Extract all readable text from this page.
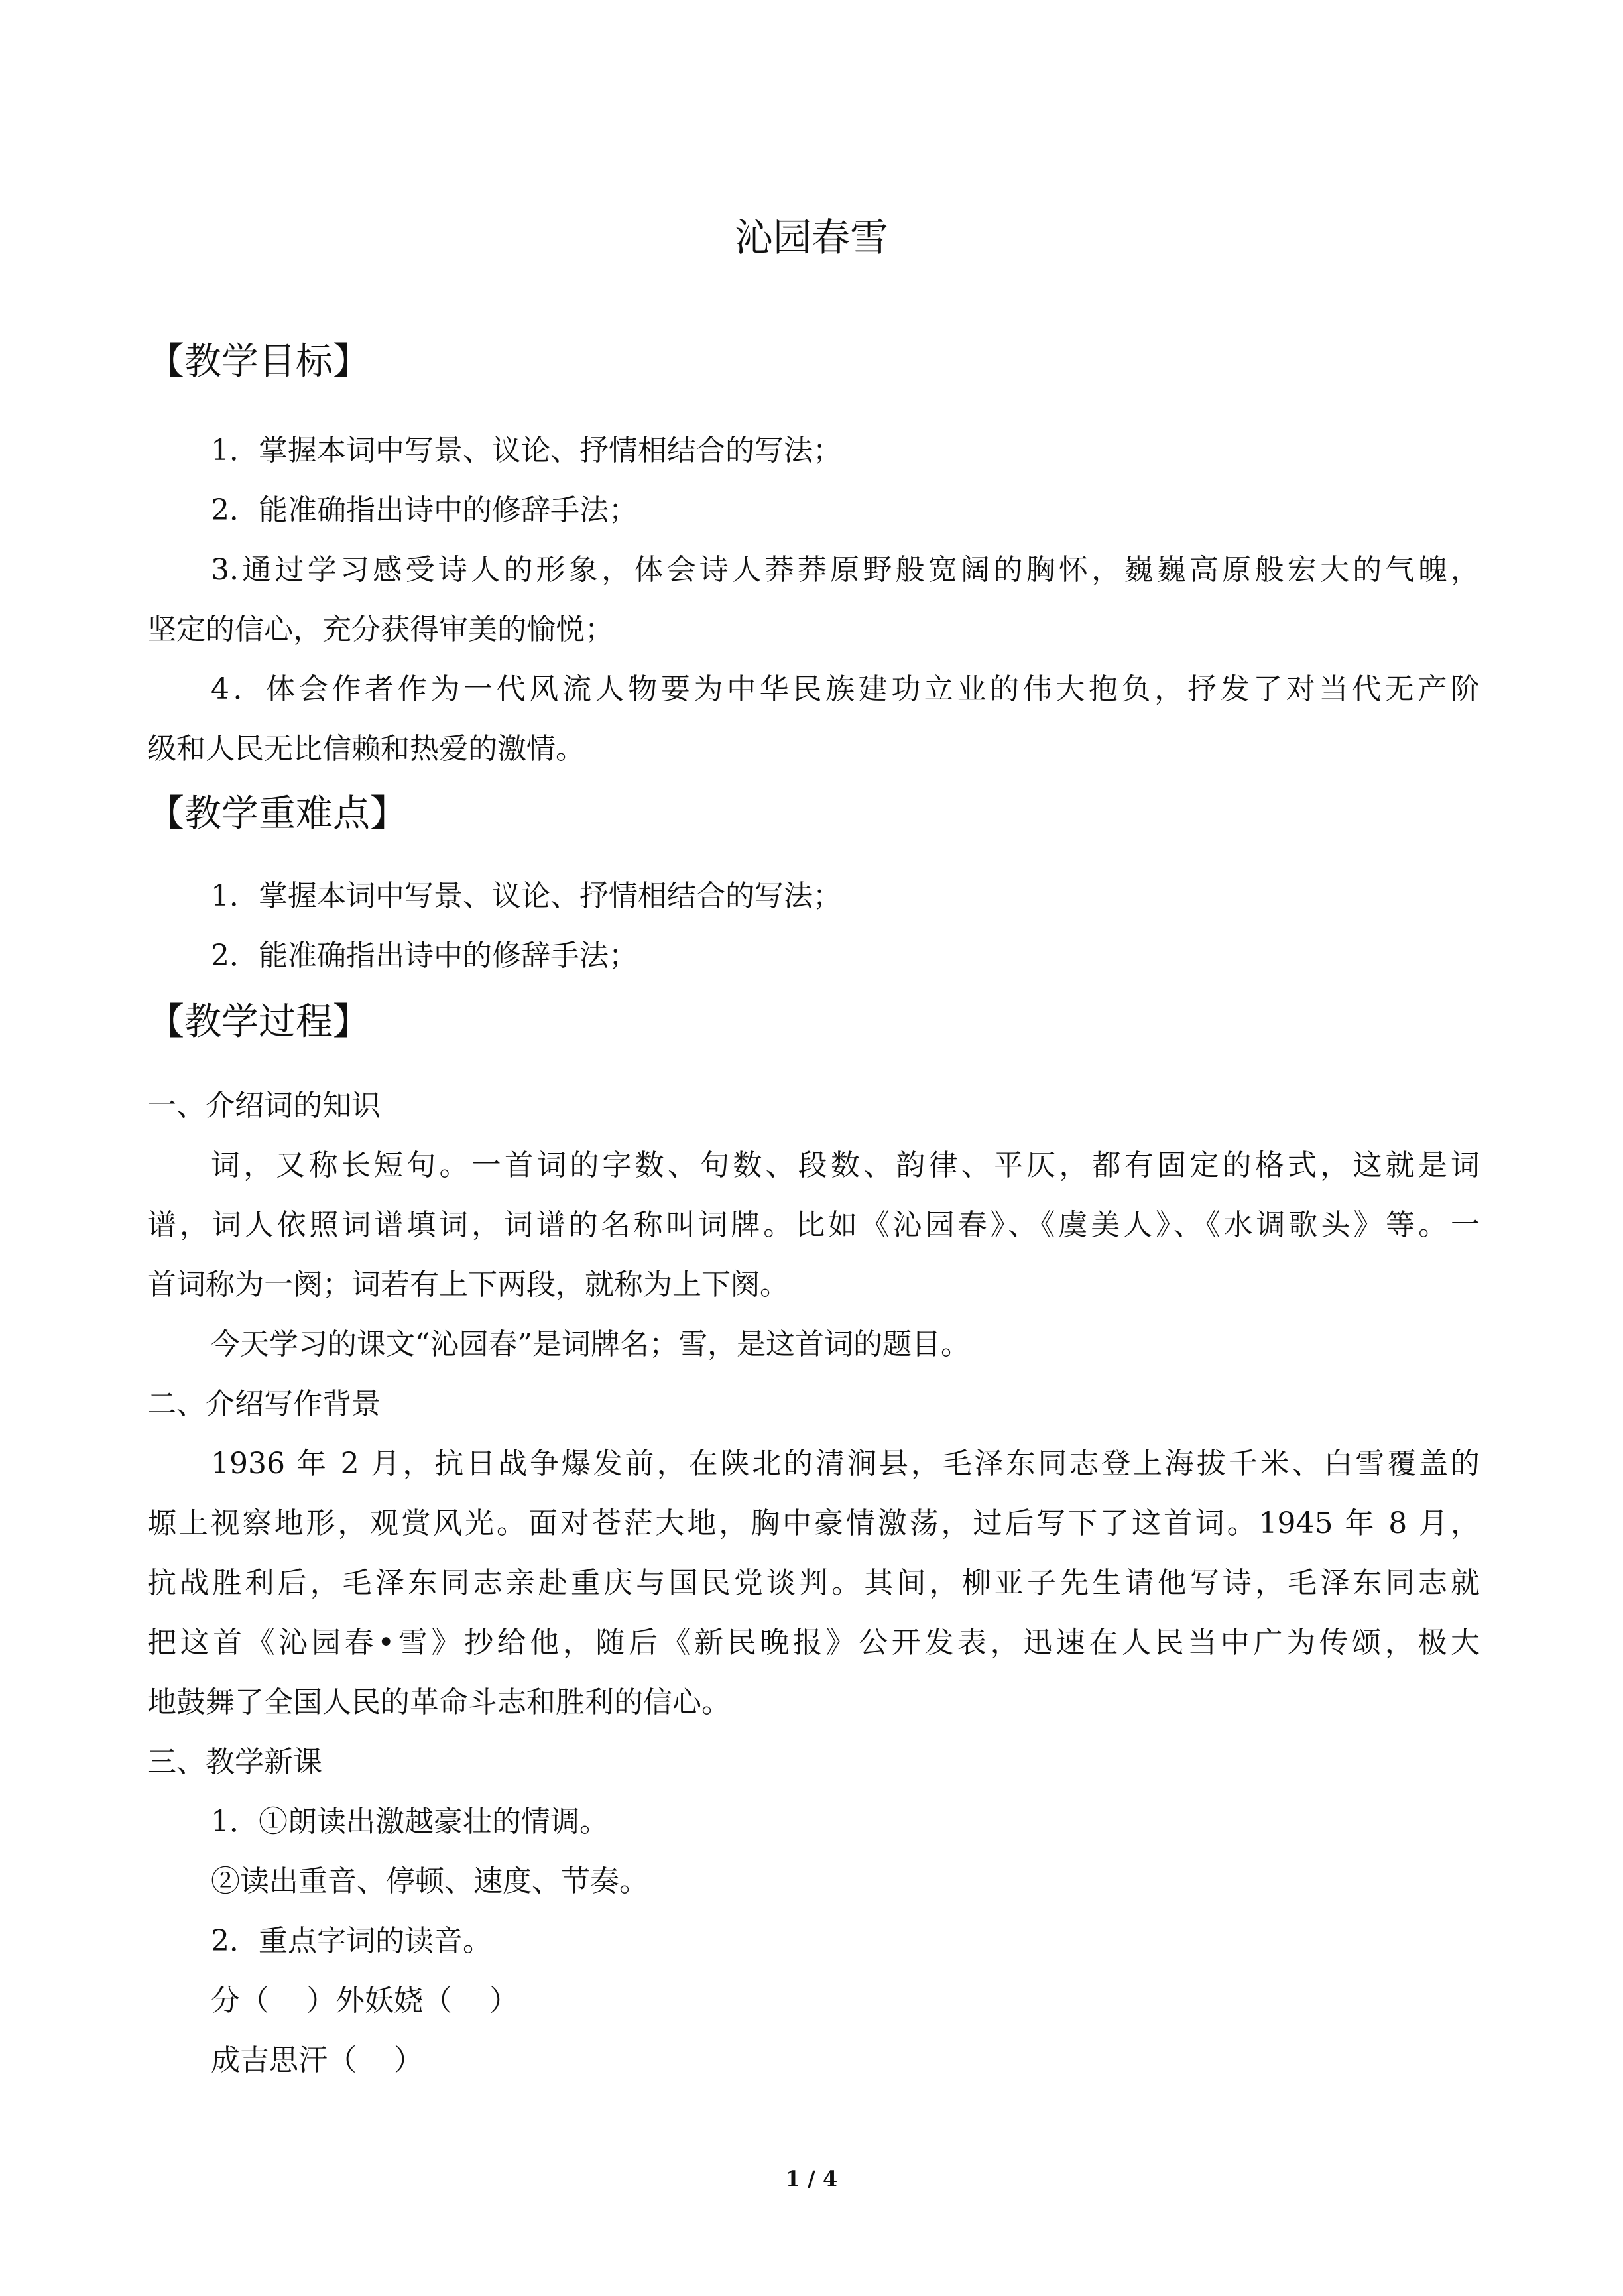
沁园春雪
【教学目标】
1．掌握本词中写景、议论、抒情相结合的写法；
2．能准确指出诗中的修辞手法；
3.通过学习感受诗人的形象，体会诗人莽莽原野般宽阔的胸怀，巍巍高原般宏大的气魄，
坚定的信心，充分获得审美的愉悦；
4．体会作者作为一代风流人物要为中华民族建功立业的伟大抱负，抒发了对当代无产阶
级和人民无比信赖和热爱的激情。
【教学重难点】
1．掌握本词中写景、议论、抒情相结合的写法；
2．能准确指出诗中的修辞手法；
【教学过程】
一、介绍词的知识
词，又称长短句。一首词的字数、句数、段数、韵律、平仄，都有固定的格式，这就是词
谱，词人依照词谱填词，词谱的名称叫词牌。比如《沁园春》、《虞美人》、《水调歌头》等。一
首词称为一阕；词若有上下两段，就称为上下阕。
今天学习的课文“沁园春”是词牌名；雪，是这首词的题目。
二、介绍写作背景
1936 年 2 月，抗日战争爆发前，在陕北的清涧县，毛泽东同志登上海拔千米、白雪覆盖的
塬上视察地形，观赏风光。面对苍茫大地，胸中豪情激荡，过后写下了这首词。1945 年 8 月，
抗战胜利后，毛泽东同志亲赴重庆与国民党谈判。其间，柳亚子先生请他写诗，毛泽东同志就
把这首《沁园春•雪》抄给他，随后《新民晚报》公开发表，迅速在人民当中广为传颂，极大
地鼓舞了全国人民的革命斗志和胜利的信心。
三、教学新课
1．①朗读出激越豪壮的情调。
②读出重音、停顿、速度、节奏。
2．重点字词的读音。
分（    ）外妖娆（    ）
成吉思汗（    ）
1 / 4
